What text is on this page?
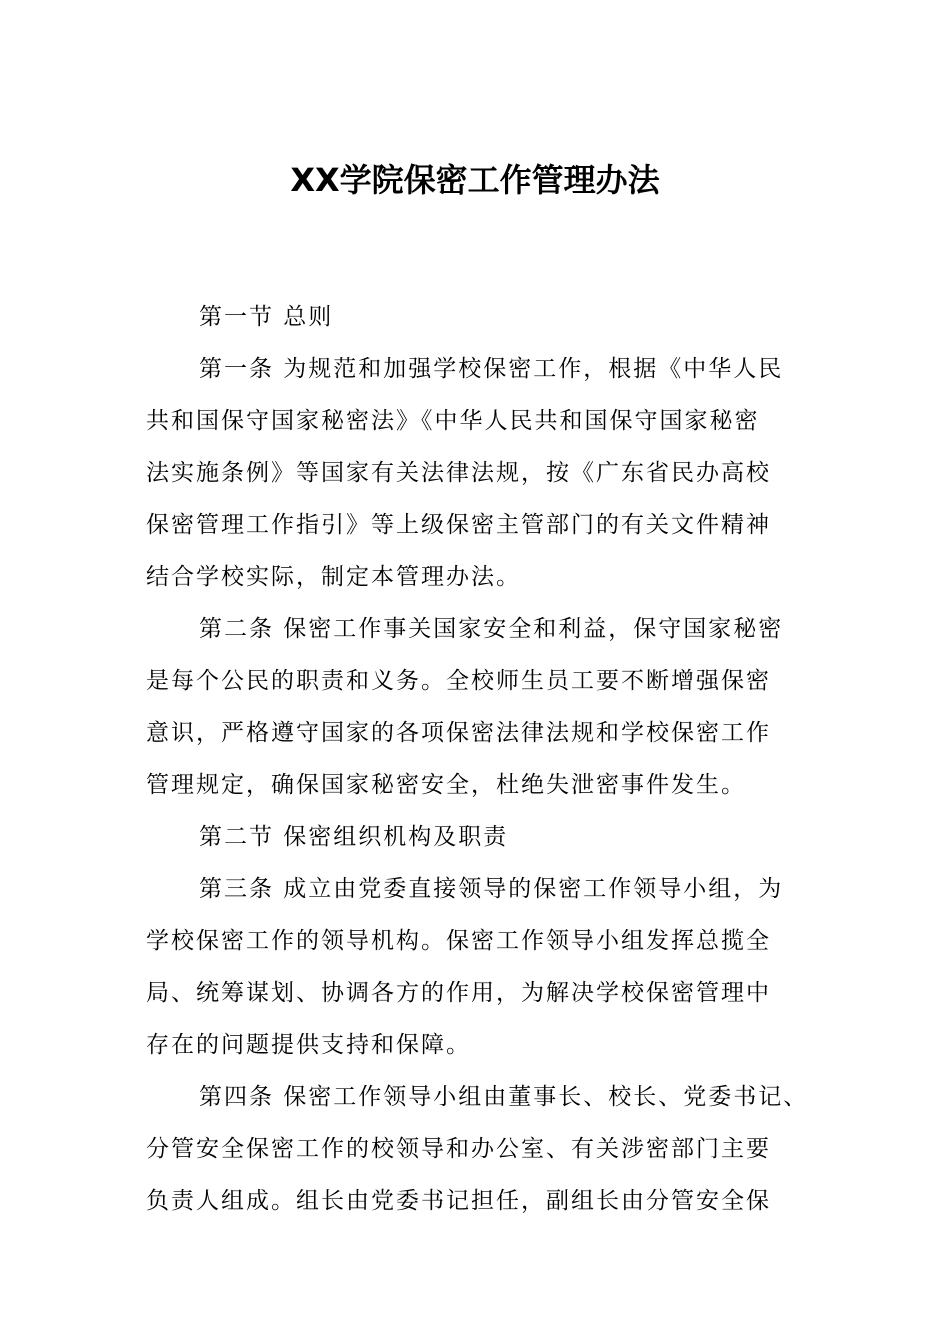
XX学院保密工作管理办法

第一节 总则

第一条 为规范和加强学校保密工作，根据《中华人民
共和国保守国家秘密法》《中华人民共和国保守国家秘密
法实施条例》等国家有关法律法规，按《广东省民办高校
保密管理工作指引》等上级保密主管部门的有关文件精神
结合学校实际，制定本管理办法。

第二条 保密工作事关国家安全和利益，保守国家秘密
是每个公民的职责和义务。全校师生员工要不断增强保密
意识，严格遵守国家的各项保密法律法规和学校保密工作
管理规定，确保国家秘密安全，杜绝失泄密事件发生。

第二节 保密组织机构及职责

第三条 成立由党委直接领导的保密工作领导小组，为
学校保密工作的领导机构。保密工作领导小组发挥总揽全
局、统筹谋划、协调各方的作用，为解决学校保密管理中
存在的问题提供支持和保障。

第四条 保密工作领导小组由董事长、校长、党委书记、
分管安全保密工作的校领导和办公室、有关涉密部门主要
负责人组成。组长由党委书记担任，副组长由分管安全保
